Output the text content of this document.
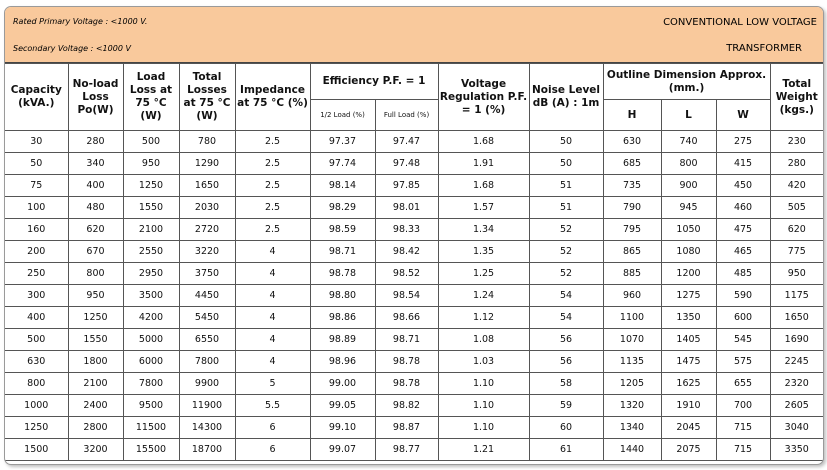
Rated Primary Voltage : <1000 V.
Secondary Voltage : <1000 V
CONVENTIONAL LOW VOLTAGE
TRANSFORMER
Capacity (kVA.)	No-load Loss Po(W)	Load Loss at 75 °C (W)	Total Losses at 75 °C (W)	Impedance at 75 °C (%)	Efficiency P.F. = 1		Voltage Regulation P.F. = 1 (%)	Noise Level dB (A) : 1m	Outline Dimension Approx. (mm.)			Total Weight (kgs.)
					1/2 Load (%)	Full Load (%)			H	L	W	
30	280	500	780	2.5	97.37	97.47	1.68	50	630	740	275	230
50	340	950	1290	2.5	97.74	97.48	1.91	50	685	800	415	280
75	400	1250	1650	2.5	98.14	97.85	1.68	51	735	900	450	420
100	480	1550	2030	2.5	98.29	98.01	1.57	51	790	945	460	505
160	620	2100	2720	2.5	98.59	98.33	1.34	52	795	1050	475	620
200	670	2550	3220	4	98.71	98.42	1.35	52	865	1080	465	775
250	800	2950	3750	4	98.78	98.52	1.25	52	885	1200	485	950
300	950	3500	4450	4	98.80	98.54	1.24	54	960	1275	590	1175
400	1250	4200	5450	4	98.86	98.66	1.12	54	1100	1350	600	1650
500	1550	5000	6550	4	98.89	98.71	1.08	56	1070	1405	545	1690
630	1800	6000	7800	4	98.96	98.78	1.03	56	1135	1475	575	2245
800	2100	7800	9900	5	99.00	98.78	1.10	58	1205	1625	655	2320
1000	2400	9500	11900	5.5	99.05	98.82	1.10	59	1320	1910	700	2605
1250	2800	11500	14300	6	99.10	98.87	1.10	60	1340	2045	715	3040
1500	3200	15500	18700	6	99.07	98.77	1.21	61	1440	2075	715	3350
